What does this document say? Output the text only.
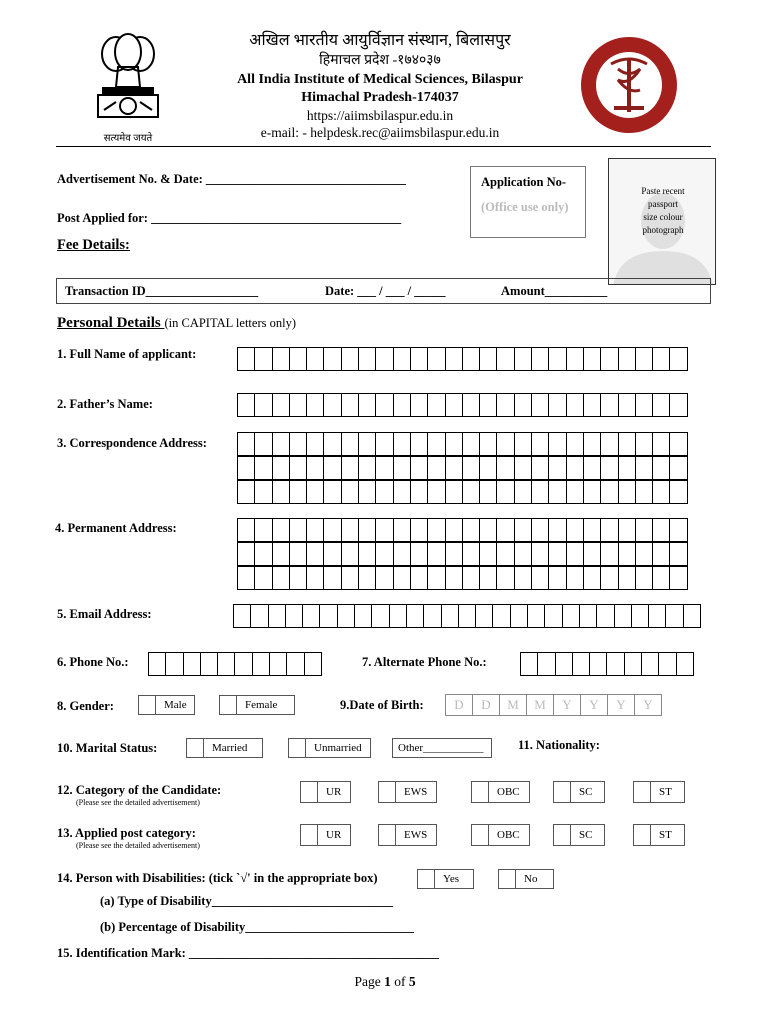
सत्यमेव जयते
अखिल भारतीय आयुर्विज्ञान संस्थान, बिलासपुर
हिमाचल प्रदेश -१७४०३७
All India Institute of Medical Sciences, Bilaspur
Himachal Pradesh-174037
https://aiimsbilaspur.edu.in
e-mail: - helpdesk.rec@aiimsbilaspur.edu.in
Advertisement No. & Date: ________________________________
Post Applied for: ________________________________________
Application No-
(Office use only)
Paste recent
passport
size colour
photograph
Fee Details:
Transaction ID__________________	Date: ___ / ___ / _____	Amount__________
Personal Details (in CAPITAL letters only)
1. Full Name of applicant:
2. Father’s Name:
3. Correspondence Address:
4. Permanent Address:
5. Email Address:
6. Phone No.:	7. Alternate Phone No.:
8. Gender:	Male	Female	9.Date of Birth:	D	D	M	M	Y	Y	Y	Y
10. Marital Status:	Married	Unmarried	Other___________	11. Nationality:
12. Category of the Candidate:
(Please see the detailed advertisement)
UR	EWS	OBC	SC	ST
13. Applied post category:
(Please see the detailed advertisement)
UR	EWS	OBC	SC	ST
14. Person with Disabilities: (tick `√' in the appropriate box)	Yes	No
(a) Type of Disability_____________________________
(b) Percentage of Disability___________________________
15. Identification Mark: ________________________________________
Page 1 of 5
